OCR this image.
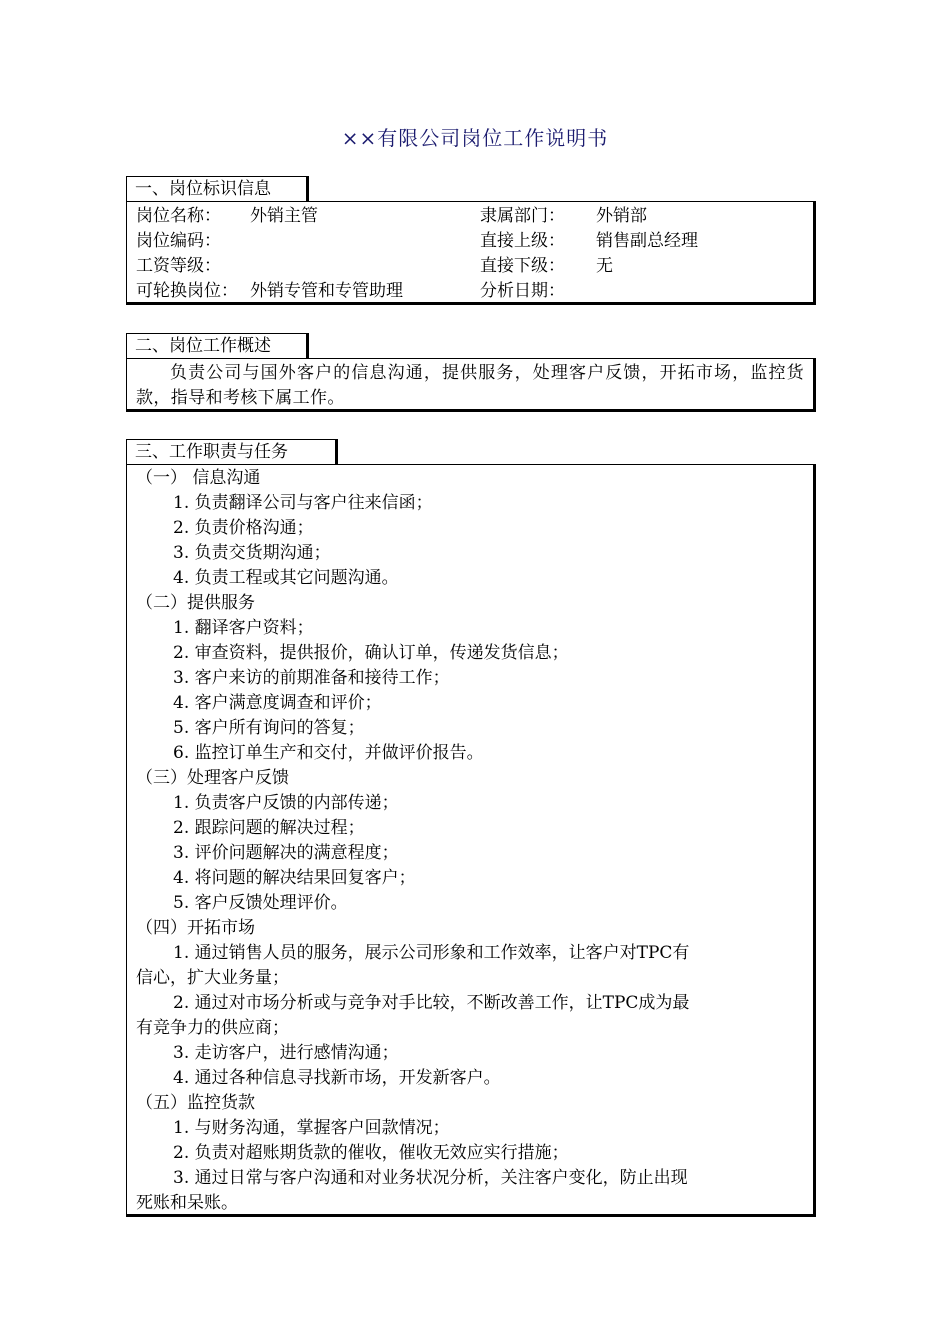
××有限公司岗位工作说明书
一、岗位标识信息
岗位名称： 外销主管	隶属部门： 外销部
岗位编码：	直接上级： 销售副总经理
工资等级：	直接下级： 无
可轮换岗位： 外销专管和专管助理	分析日期：
二、岗位工作概述
负责公司与国外客户的信息沟通，提供服务，处理客户反馈，开拓市场，监控货款，指导和考核下属工作。
三、工作职责与任务
（一） 信息沟通
1. 负责翻译公司与客户往来信函；
2. 负责价格沟通；
3. 负责交货期沟通；
4. 负责工程或其它问题沟通。
（二）提供服务
1. 翻译客户资料；
2. 审查资料，提供报价，确认订单，传递发货信息；
3. 客户来访的前期准备和接待工作；
4. 客户满意度调查和评价；
5. 客户所有询问的答复；
6. 监控订单生产和交付，并做评价报告。
（三）处理客户反馈
1. 负责客户反馈的内部传递；
2. 跟踪问题的解决过程；
3. 评价问题解决的满意程度；
4. 将问题的解决结果回复客户；
5. 客户反馈处理评价。
（四）开拓市场
1. 通过销售人员的服务，展示公司形象和工作效率，让客户对TPC有
信心，扩大业务量；
2. 通过对市场分析或与竞争对手比较，不断改善工作，让TPC成为最
有竞争力的供应商；
3. 走访客户，进行感情沟通；
4. 通过各种信息寻找新市场，开发新客户。
（五）监控货款
1. 与财务沟通，掌握客户回款情况；
2. 负责对超账期货款的催收，催收无效应实行措施；
3. 通过日常与客户沟通和对业务状况分析，关注客户变化，防止出现
死账和呆账。
